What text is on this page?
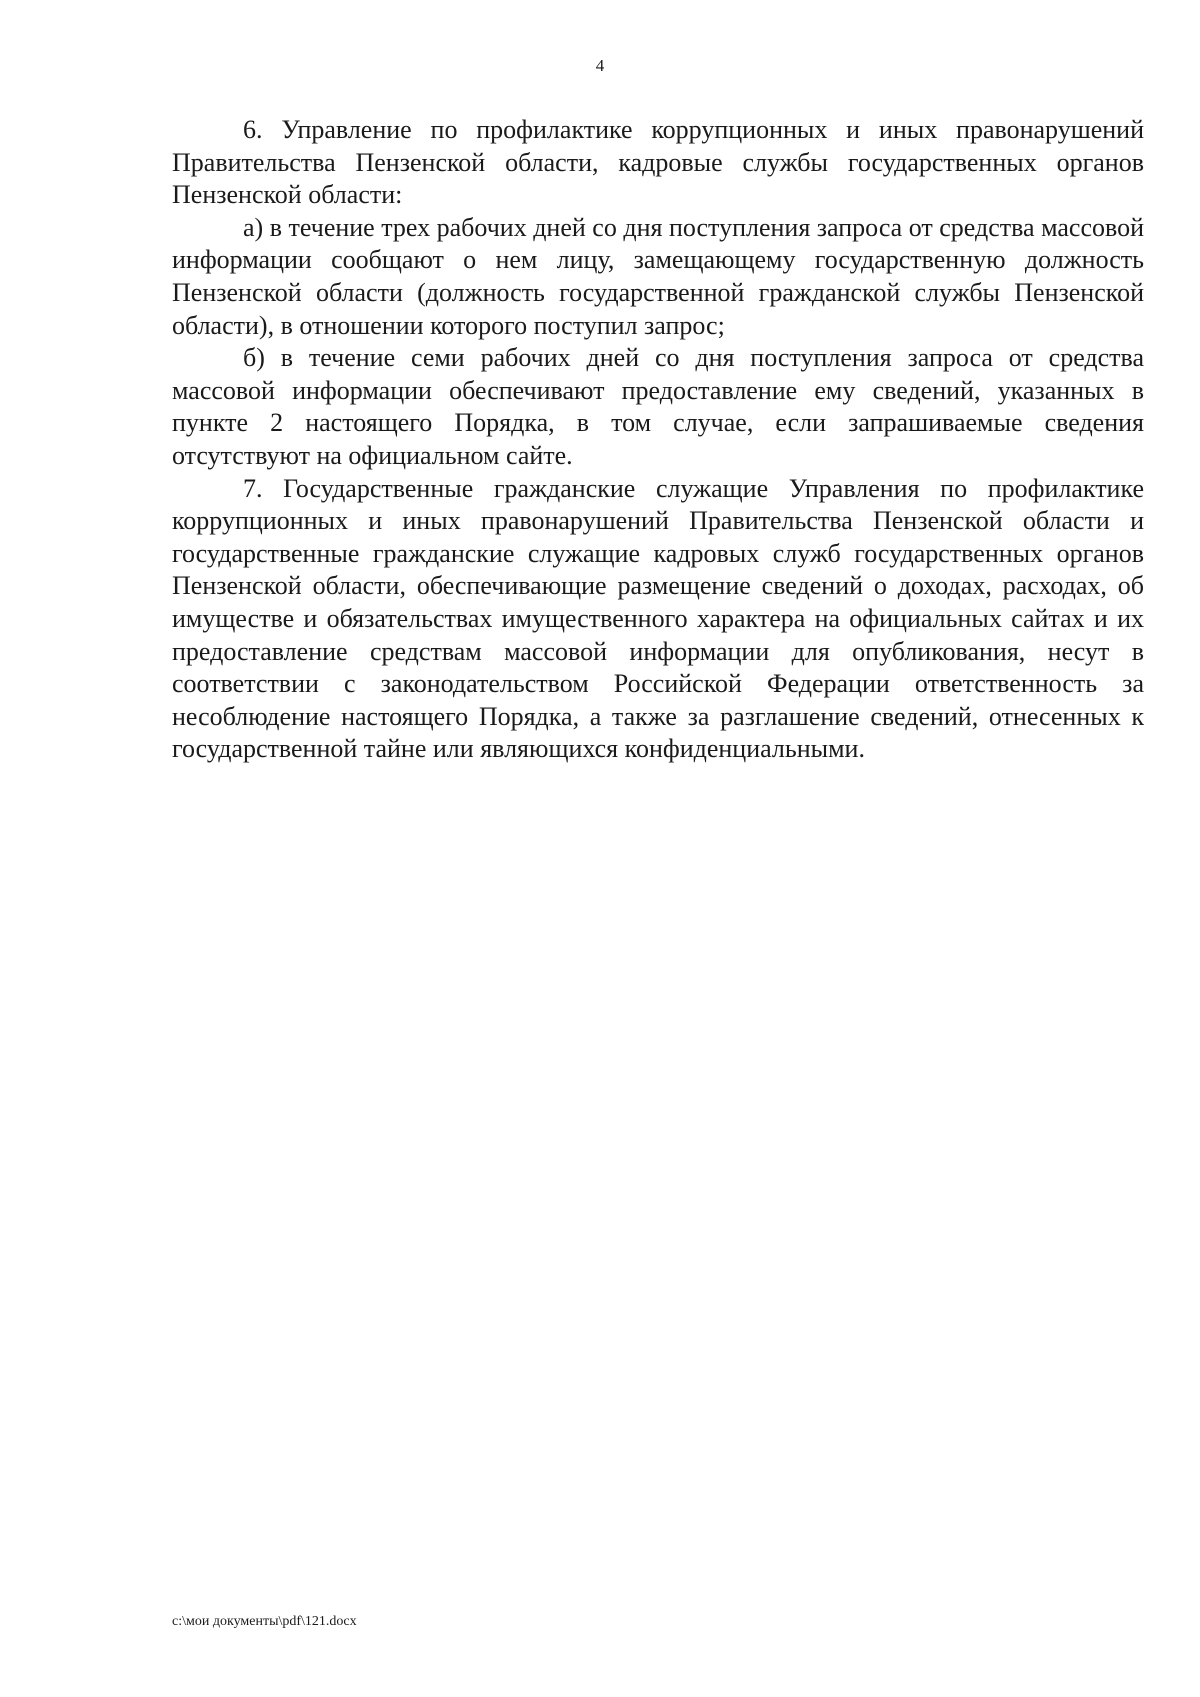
4

6. Управление по профилактике коррупционных и иных правонарушений Правительства Пензенской области, кадровые службы государственных органов Пензенской области:

а) в течение трех рабочих дней со дня поступления запроса от средства массовой информации сообщают о нем лицу, замещающему государственную должность Пензенской области (должность государственной гражданской службы Пензенской области), в отношении которого поступил запрос;

б) в течение семи рабочих дней со дня поступления запроса от средства массовой информации обеспечивают предоставление ему сведений, указанных в пункте 2 настоящего Порядка, в том случае, если запрашиваемые сведения отсутствуют на официальном сайте.

7. Государственные гражданские служащие Управления по профилактике коррупционных и иных правонарушений Правительства Пензенской области и государственные гражданские служащие кадровых служб государственных органов Пензенской области, обеспечивающие размещение сведений о доходах, расходах, об имуществе и обязательствах имущественного характера на официальных сайтах и их предоставление средствам массовой информации для опубликования, несут в соответствии с законодательством Российской Федерации ответственность за несоблюдение настоящего Порядка, а также за разглашение сведений, отнесенных к государственной тайне или являющихся конфиденциальными.

c:\мои документы\pdf\121.docx
